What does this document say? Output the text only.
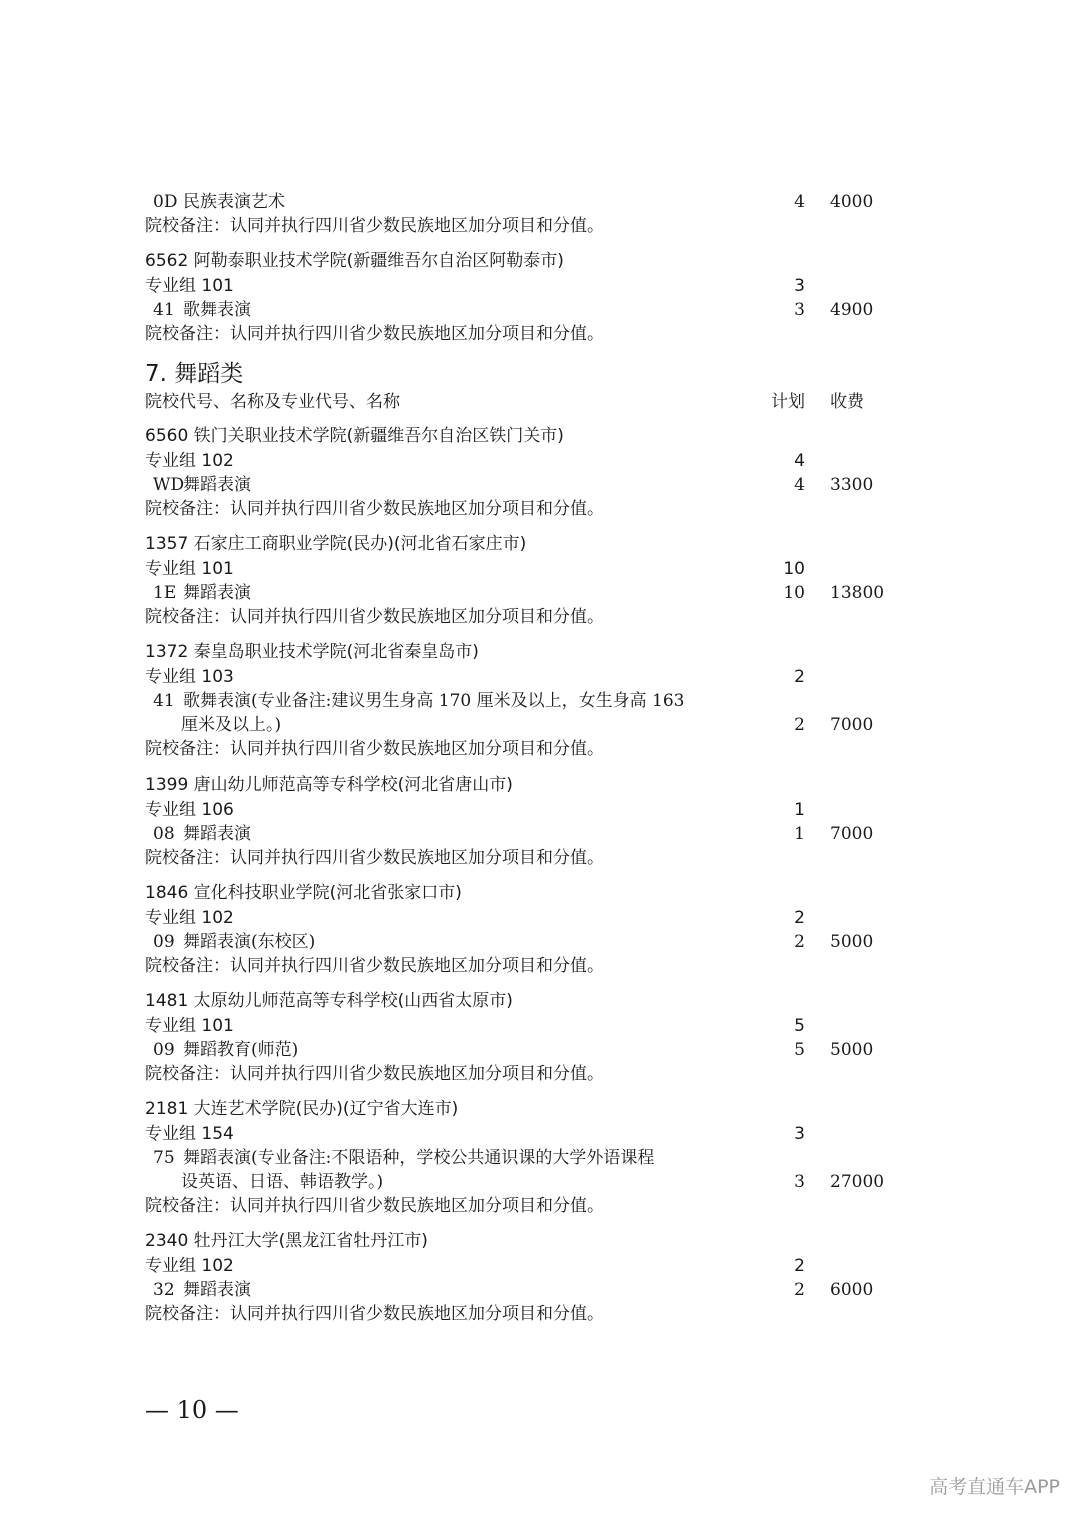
0D 民族表演艺术	4 4000
院校备注：认同并执行四川省少数民族地区加分项目和分值。
6562 阿勒泰职业技术学院(新疆维吾尔自治区阿勒泰市)
专业组 101	3
41 歌舞表演	3 4900
院校备注：认同并执行四川省少数民族地区加分项目和分值。
7. 舞蹈类
院校代号、名称及专业代号、名称	计划 收费
6560 铁门关职业技术学院(新疆维吾尔自治区铁门关市)
专业组 102	4
WD舞蹈表演	4 3300
院校备注：认同并执行四川省少数民族地区加分项目和分值。
1357 石家庄工商职业学院(民办)(河北省石家庄市)
专业组 101	10
1E 舞蹈表演	10 13800
院校备注：认同并执行四川省少数民族地区加分项目和分值。
1372 秦皇岛职业技术学院(河北省秦皇岛市)
专业组 103	2
41 歌舞表演(专业备注:建议男生身高 170 厘米及以上，女生身高 163
厘米及以上。)	2 7000
院校备注：认同并执行四川省少数民族地区加分项目和分值。
1399 唐山幼儿师范高等专科学校(河北省唐山市)
专业组 106	1
08 舞蹈表演	1 7000
院校备注：认同并执行四川省少数民族地区加分项目和分值。
1846 宣化科技职业学院(河北省张家口市)
专业组 102	2
09 舞蹈表演(东校区)	2 5000
院校备注：认同并执行四川省少数民族地区加分项目和分值。
1481 太原幼儿师范高等专科学校(山西省太原市)
专业组 101	5
09 舞蹈教育(师范)	5 5000
院校备注：认同并执行四川省少数民族地区加分项目和分值。
2181 大连艺术学院(民办)(辽宁省大连市)
专业组 154	3
75 舞蹈表演(专业备注:不限语种，学校公共通识课的大学外语课程
设英语、日语、韩语教学。)	3 27000
院校备注：认同并执行四川省少数民族地区加分项目和分值。
2340 牡丹江大学(黑龙江省牡丹江市)
专业组 102	2
32 舞蹈表演	2 6000
院校备注：认同并执行四川省少数民族地区加分项目和分值。
— 10 —
高考直通车APP
